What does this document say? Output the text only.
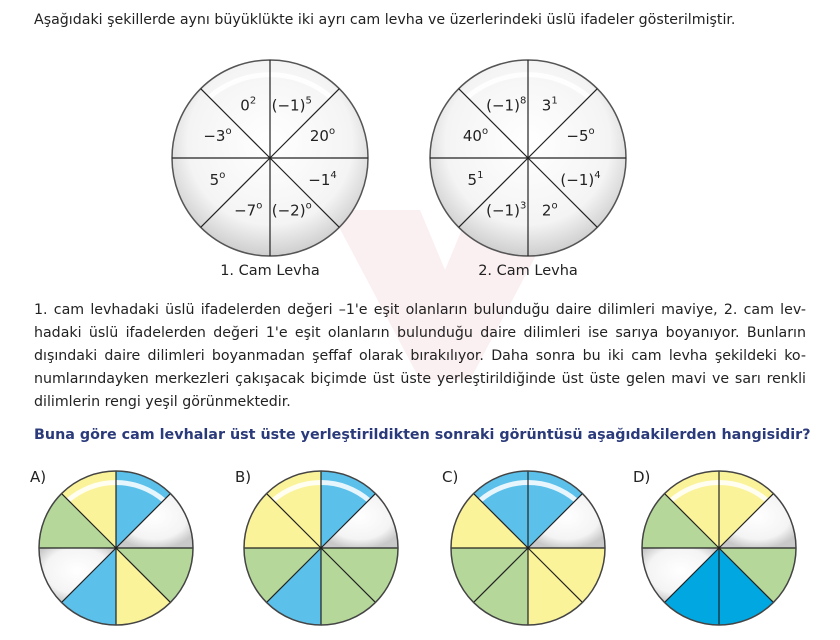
Aşağıdaki şekillerde aynı büyüklükte iki ayrı cam levha ve üzerlerindeki üslü ifadeler gösterilmiştir.
$(-1)^5$
$20^o$
$-1^4$
$(-2)^o$
$-7^o$
$5^o$
$-3^o$
$0^2$	$3^1$
$-5^o$
$(-1)^4$
2$^o$
$(-1)^3$
$5^1$
40$^o$
$(-1)^8$
1. Cam Levha	2. Cam Levha
A)	B)	C)	D)
1. cam levhadaki üslü ifadelerden değeri –1'e eşit olanların bulunduğu daire dilimleri maviye, 2. cam lev-
hadaki üslü ifadelerden değeri 1'e eşit olanların bulunduğu daire dilimleri ise sarıya boyanıyor. Bunların
dışındaki daire dilimleri boyanmadan şeffaf olarak bırakılıyor. Daha sonra bu iki cam levha şekildeki ko-
numlarındayken merkezleri çakışacak biçimde üst üste yerleştirildiğinde üst üste gelen mavi ve sarı renkli
dilimlerin rengi yeşil görünmektedir.
Buna göre cam levhalar üst üste yerleştirildikten sonraki görüntüsü aşağıdakilerden hangisidir?
